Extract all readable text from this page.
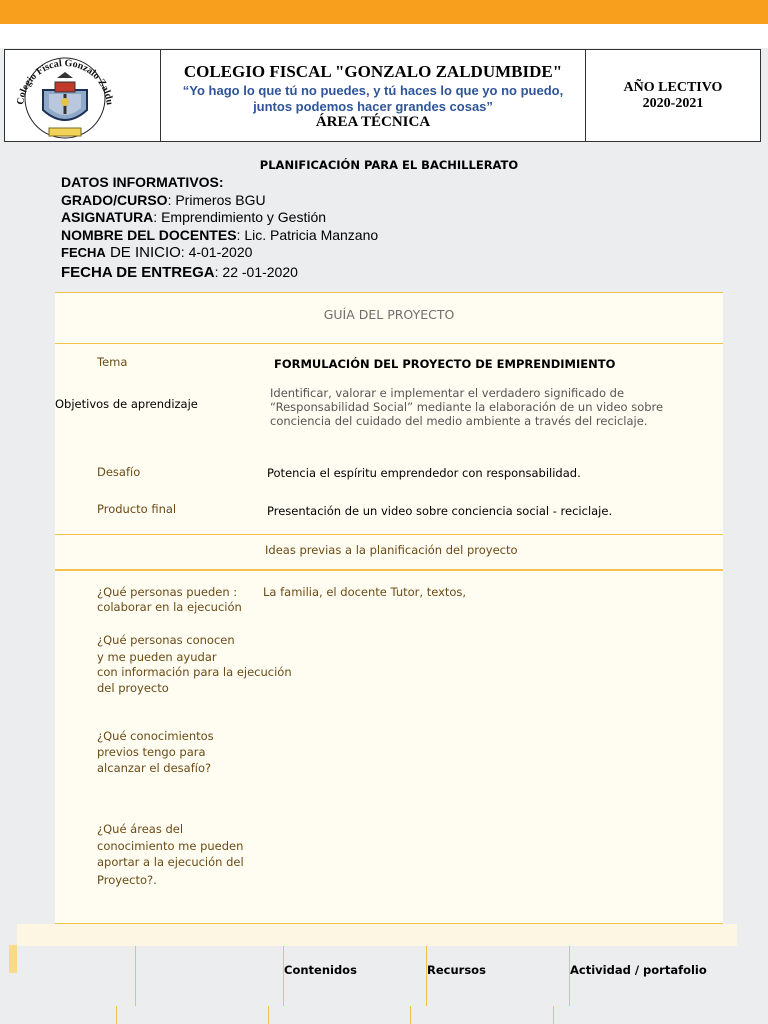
Colegio Fiscal Gonzalo Zaldu
COLEGIO FISCAL "GONZALO ZALDUMBIDE"
“Yo hago lo que tú no puedes, y tú haces lo que yo no puedo,
juntos podemos hacer grandes cosas”
ÁREA TÉCNICA
AÑO LECTIVO
2020-2021
PLANIFICACIÓN PARA EL BACHILLERATO
DATOS INFORMATIVOS:
GRADO/CURSO: Primeros BGU
ASIGNATURA: Emprendimiento y Gestión
NOMBRE DEL DOCENTES: Lic. Patricia Manzano
FECHA DE INICIO: 4-01-2020
FECHA DE ENTREGA: 22 -01-2020
GUÍA DEL PROYECTO
Tema	FORMULACIÓN DEL PROYECTO DE EMPRENDIMIENTO
Objetivos de aprendizaje
Identificar, valorar e implementar el verdadero significado de
“Responsabilidad Social” mediante la elaboración de un video sobre
conciencia del cuidado del medio ambiente a través del reciclaje.
Desafío	Potencia el espíritu emprendedor con responsabilidad.
Producto final	Presentación de un video sobre conciencia social - reciclaje.
Ideas previas a la planificación del proyecto
¿Qué personas pueden :
colaborar en la ejecución
La familia, el docente Tutor, textos,
¿Qué personas conocen
y me pueden ayudar
con información para la ejecución
del proyecto
¿Qué conocimientos
previos tengo para
alcanzar el desafío?
¿Qué áreas del
conocimiento me pueden
aportar a la ejecución del
Proyecto?.
Contenidos	Recursos	Actividad / portafolio
